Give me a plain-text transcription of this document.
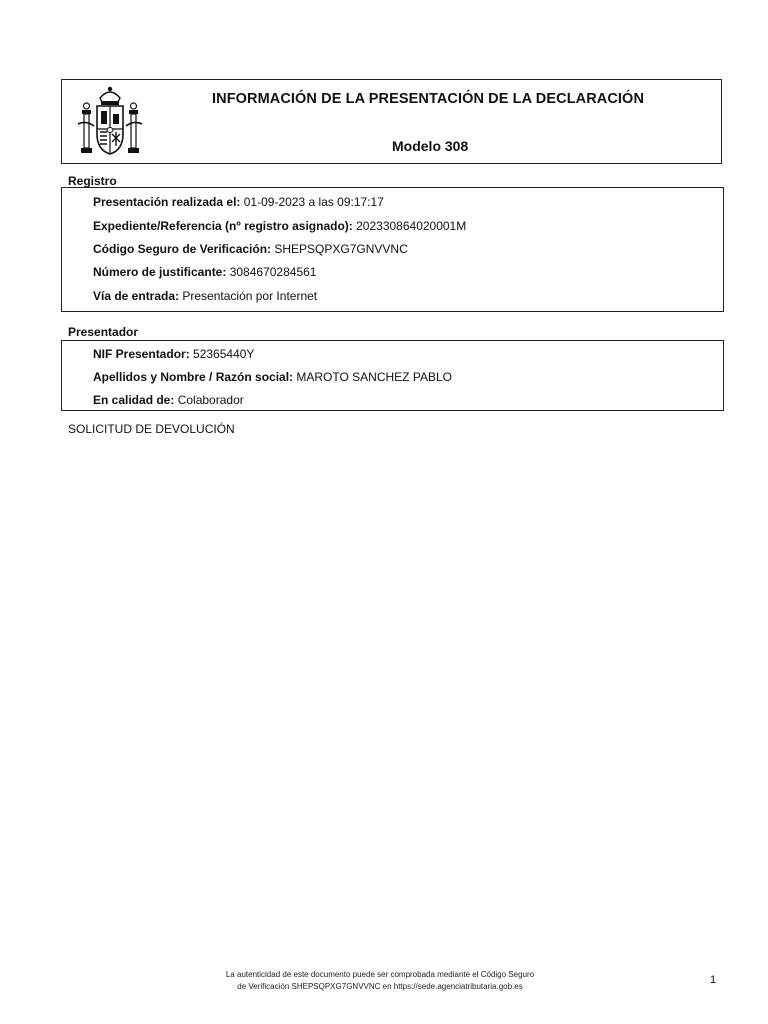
INFORMACIÓN DE LA PRESENTACIÓN DE LA DECLARACIÓN
Modelo 308
Registro
Presentación realizada el: 01-09-2023 a las 09:17:17
Expediente/Referencia (nº registro asignado): 202330864020001M
Código Seguro de Verificación: SHEPSQPXG7GNVVNC
Número de justificante: 3084670284561
Vía de entrada: Presentación por Internet
Presentador
NIF Presentador: 52365440Y
Apellidos y Nombre / Razón social: MAROTO SANCHEZ PABLO
En calidad de: Colaborador
SOLICITUD DE DEVOLUCIÓN
La autenticidad de este documento puede ser comprobada mediante el Código Seguro
de Verificación SHEPSQPXG7GNVVNC en https://sede.agenciatributaria.gob.es
1
